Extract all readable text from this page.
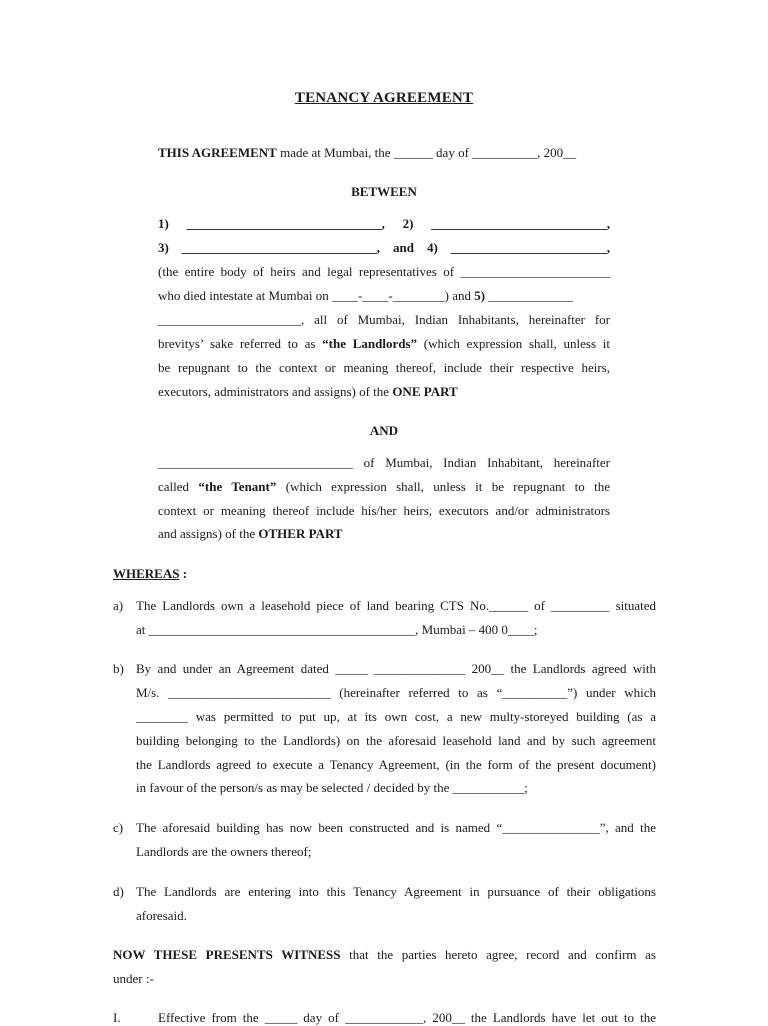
TENANCY AGREEMENT
THIS AGREEMENT made at Mumbai, the ______ day of __________, 200__
BETWEEN
1) ______________________________, 2) ___________________________,
3) ______________________________, and 4) ________________________,
(the entire body of heirs and legal representatives of _______________________
who died intestate at Mumbai on ____-____-________) and 5) _____________
______________________, all of Mumbai, Indian Inhabitants, hereinafter for
brevitys’ sake referred to as “the Landlords” (which expression shall, unless it
be repugnant to the context or meaning thereof, include their respective heirs,
executors, administrators and assigns) of the ONE PART
AND
______________________________ of Mumbai, Indian Inhabitant, hereinafter
called “the Tenant” (which expression shall, unless it be repugnant to the
context or meaning thereof include his/her heirs, executors and/or administrators
and assigns) of the OTHER PART
WHEREAS :
a) The Landlords own a leasehold piece of land bearing CTS No.______ of _________ situated
at _________________________________________, Mumbai – 400 0____;
b) By and under an Agreement dated _____ ______________ 200__ the Landlords agreed with
M/s. _________________________ (hereinafter referred to as “__________”) under which
________ was permitted to put up, at its own cost, a new multy-storeyed building (as a
building belonging to the Landlords) on the aforesaid leasehold land and by such agreement
the Landlords agreed to execute a Tenancy Agreement, (in the form of the present document)
in favour of the person/s as may be selected / decided by the ___________;
c) The aforesaid building has now been constructed and is named “_______________”, and the
Landlords are the owners thereof;
d) The Landlords are entering into this Tenancy Agreement in pursuance of their obligations
aforesaid.
NOW THESE PRESENTS WITNESS that the parties hereto agree, record and confirm as
under :-
I.	Effective from the _____ day of ____________, 200__ the Landlords have let out to the
